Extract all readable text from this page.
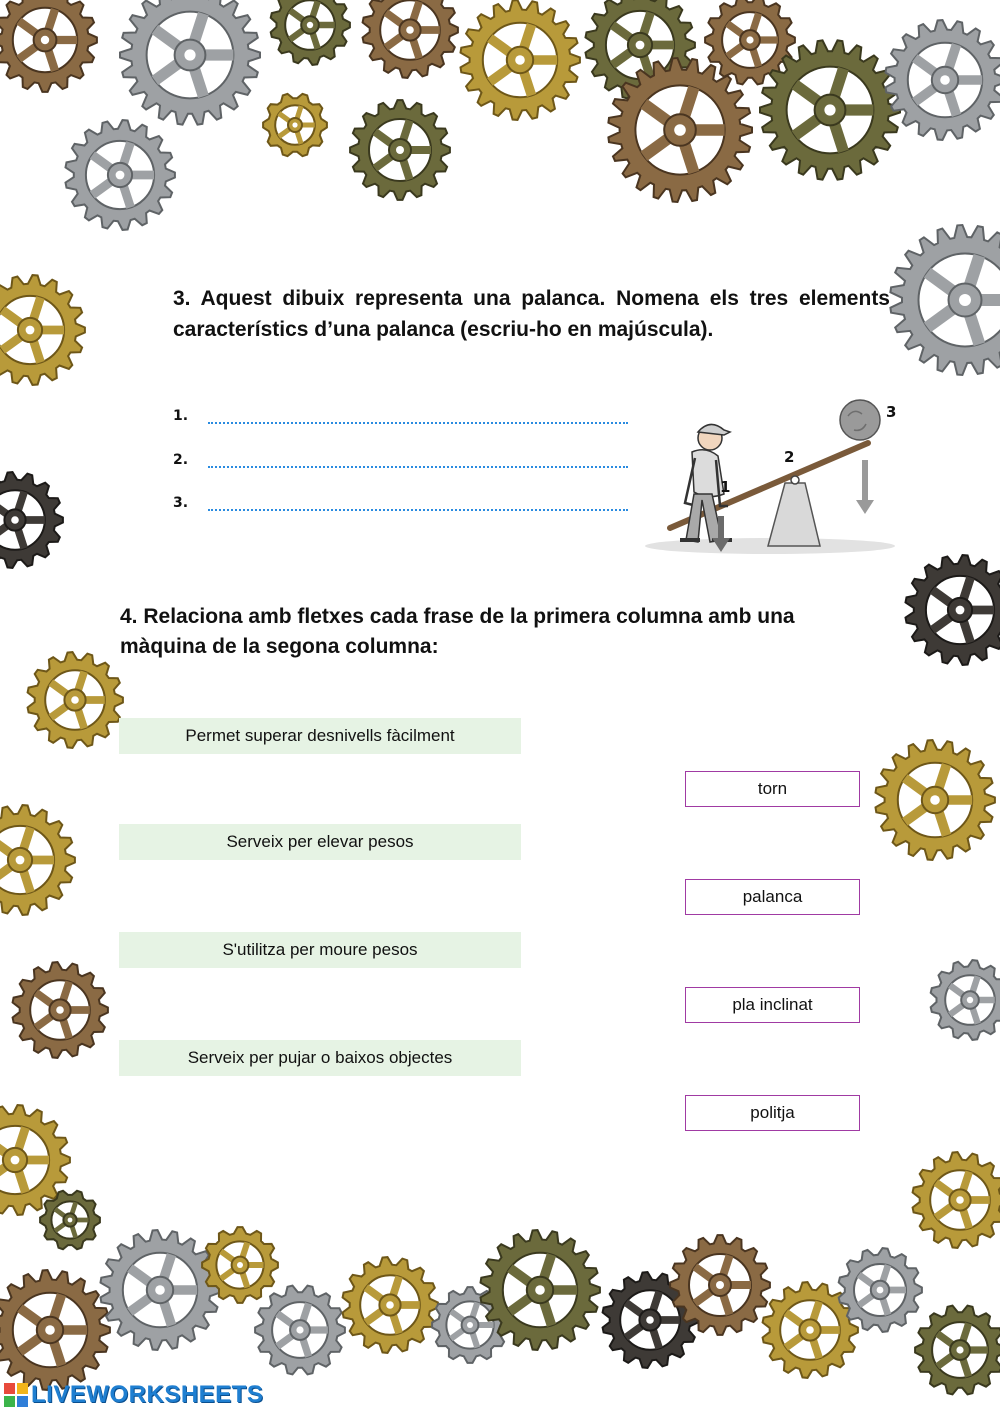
3. Aquest dibuix representa una palanca. Nomena els tres elements característics d’una palanca (escriu-ho en majúscula).
1.
2.
3.
1
2
3
4. Relaciona amb fletxes cada frase de la primera columna amb una màquina de la segona columna:
Permet superar desnivells fàcilment
Serveix per elevar pesos
S'utilitza per moure pesos
Serveix per pujar o baixos objectes
torn
palanca
pla inclinat
politja
LIVEWORKSHEETS
